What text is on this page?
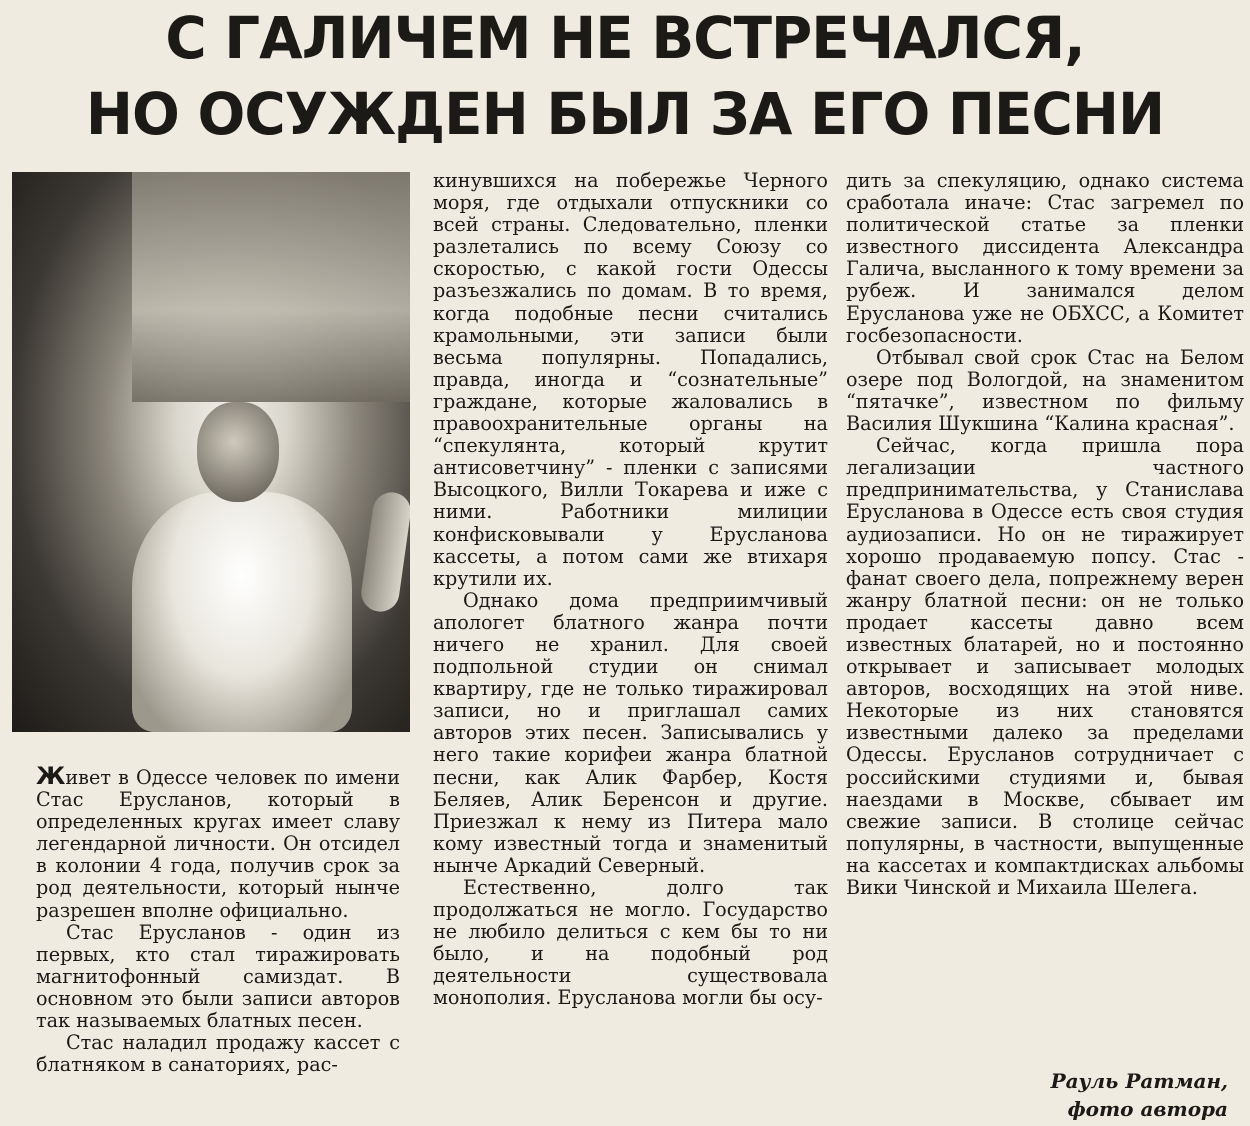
С ГАЛИЧЕМ НЕ ВСТРЕЧАЛСЯ,
НО ОСУЖДЕН БЫЛ ЗА ЕГО ПЕСНИ

Живет в Одессе человек по имени Стас Еруcланов, который в определенных кругах имеет славу легендарной личности. Он отсидел в колонии 4 года, получив срок за род деятельности, который нынче разрешен вполне официально.

Стас Ерусланов - один из первых, кто стал тиражировать магнитофонный самиздат. В основном это были записи авторов так называемых блатных песен.

Стас наладил продажу кассет с блатняком в санаториях, рас-

кинувшихся на побережье Черного моря, где отдыхали отпускники со всей страны. Следовательно, пленки разлетались по всему Союзу со скоростью, с какой гости Одессы разъезжались по домам. В то время, когда подобные песни считались крамольными, эти записи были весьма популярны. Попадались, правда, иногда и “сознательные” граждане, которые жаловались в правоохранительные органы на “спекулянта, который крутит антисоветчину” - пленки с записями Высоцкого, Вилли Токарева и иже с ними. Работники милиции конфисковывали у Ерусланова кассеты, а потом сами же втихаря крутили их.

Однако дома предприимчивый апологет блатного жанра почти ничего не хранил. Для своей подпольной студии он снимал квартиру, где не только тиражировал записи, но и приглашал самих авторов этих песен. Записывались у него такие корифеи жанра блатной песни, как Алик Фарбер, Костя Беляев, Алик Беренсон и другие. Приезжал к нему из Питера мало кому известный тогда и знаменитый нынче Аркадий Северный.

Естественно, долго так продолжаться не могло. Государство не любило делиться с кем бы то ни было, и на подобный род деятельности существовала монополия. Ерусланова могли бы осу-

дить за спекуляцию, однако система сработала иначе: Стас загремел по политической статье за пленки известного диссидента Александра Галича, высланного к тому времени за рубеж. И занимался делом Ерусланова уже не ОБХСС, а Комитет госбезопасности.

Отбывал свой срок Стас на Белом озере под Вологдой, на знаменитом “пятачке”, известном по фильму Василия Шукшина “Калина красная”.

Сейчас, когда пришла пора легализации частного предпринимательства, у Станислава Ерусланова в Одессе есть своя студия аудиозаписи. Но он не тиражирует хорошо продаваемую попсу. Стас - фанат своего дела, попрежнему верен жанру блатной песни: он не только продает кассеты давно всем известных блатарей, но и постоянно открывает и записывает молодых авторов, восходящих на этой ниве. Некоторые из них становятся известными далеко за пределами Одессы. Ерусланов сотрудничает с российскими студиями и, бывая наездами в Москве, сбывает им свежие записи. В столице сейчас популярны, в частности, выпущенные на кассетах и компактдисках альбомы Вики Чинской и Михаила Шелега.

Рауль Ратман,
фото автора
